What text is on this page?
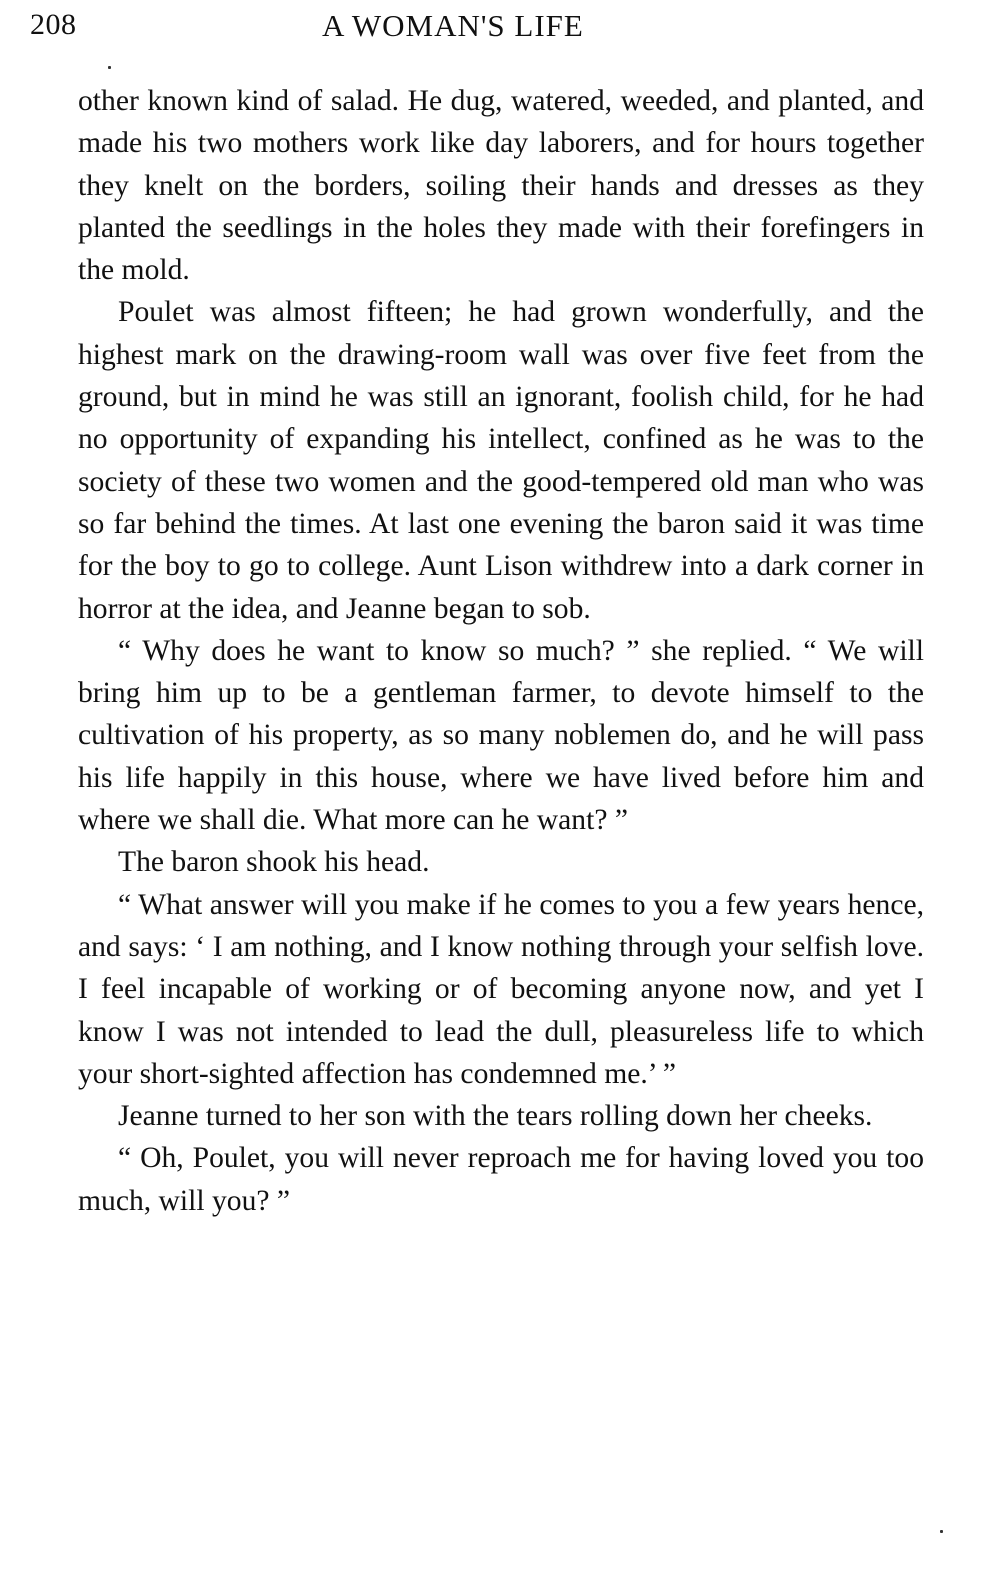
208	A WOMAN'S LIFE

other known kind of salad. He dug, watered, weeded, and planted, and made his two mothers work like day laborers, and for hours together they knelt on the borders, soiling their hands and dresses as they planted the seedlings in the holes they made with their forefingers in the mold.

Poulet was almost fifteen; he had grown wonderfully, and the highest mark on the drawing-room wall was over five feet from the ground, but in mind he was still an ignorant, foolish child, for he had no opportunity of expanding his intellect, confined as he was to the society of these two women and the good-tempered old man who was so far behind the times. At last one evening the baron said it was time for the boy to go to college. Aunt Lison withdrew into a dark corner in horror at the idea, and Jeanne began to sob.

“ Why does he want to know so much? ” she replied. “ We will bring him up to be a gentleman farmer, to devote himself to the cultivation of his property, as so many noblemen do, and he will pass his life happily in this house, where we have lived before him and where we shall die. What more can he want? ”

The baron shook his head.

“ What answer will you make if he comes to you a few years hence, and says: ‘ I am nothing, and I know nothing through your selfish love. I feel incapable of working or of becoming anyone now, and yet I know I was not intended to lead the dull, pleasureless life to which your short-sighted affection has condemned me.’ ”

Jeanne turned to her son with the tears rolling down her cheeks.

“ Oh, Poulet, you will never reproach me for having loved you too much, will you? ”
